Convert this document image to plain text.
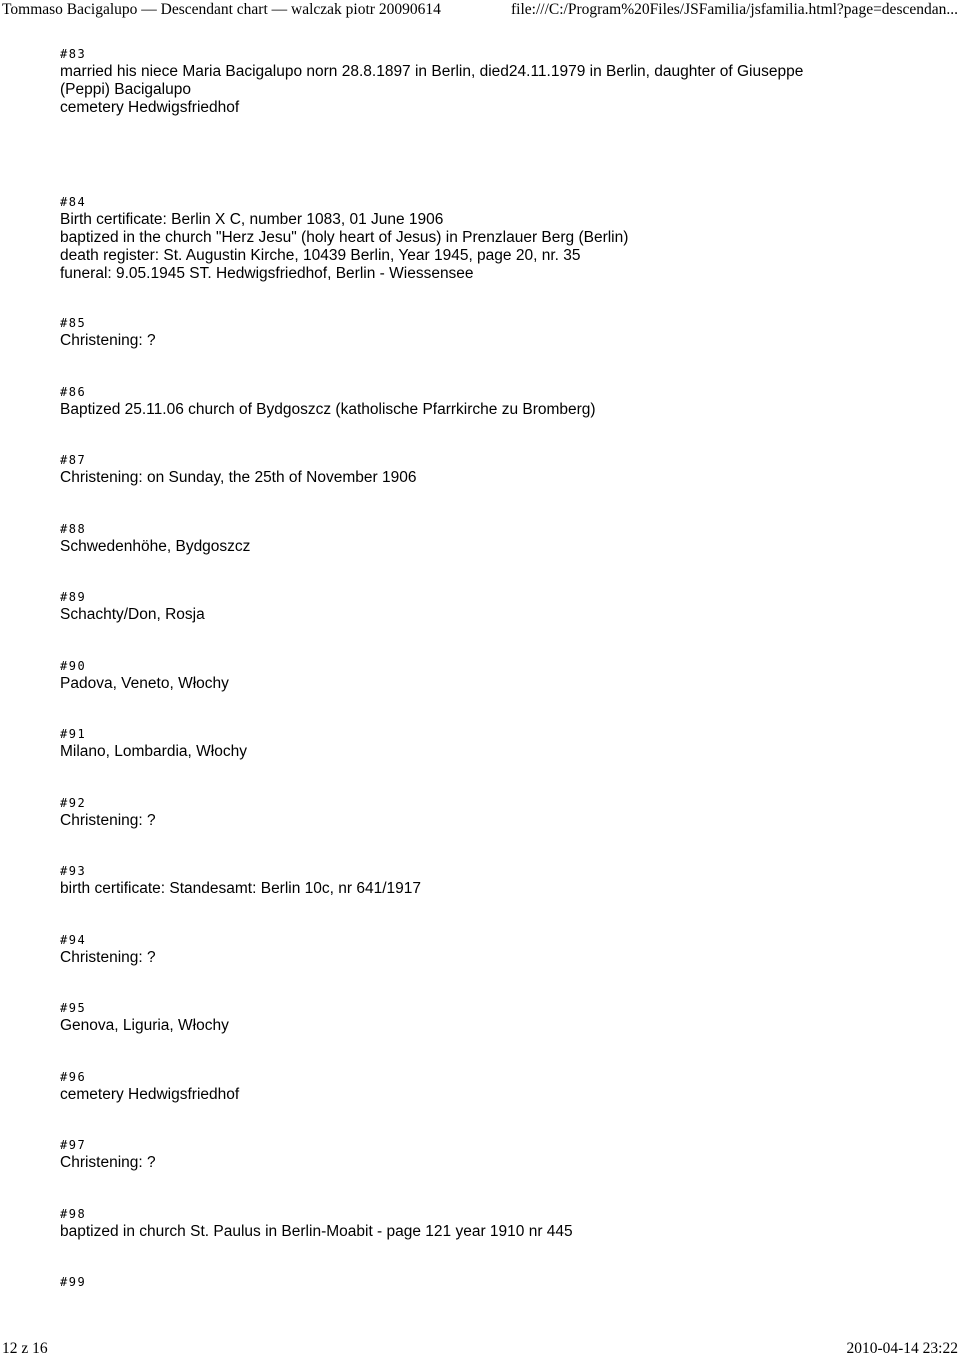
Tommaso Bacigalupo — Descendant chart — walczak piotr 20090614	file:///C:/Program%20Files/JSFamilia/jsfamilia.html?page=descendan...
#83
married his niece Maria Bacigalupo norn 28.8.1897 in Berlin, died24.11.1979 in Berlin, daughter of Giuseppe
(Peppi) Bacigalupo
cemetery Hedwigsfriedhof
#84
Birth certificate: Berlin X C, number 1083, 01 June 1906
baptized in the church "Herz Jesu" (holy heart of Jesus) in Prenzlauer Berg (Berlin)
death register: St. Augustin Kirche, 10439 Berlin, Year 1945, page 20, nr. 35
funeral: 9.05.1945 ST. Hedwigsfriedhof, Berlin - Wiessensee
#85
Christening: ?
#86
Baptized 25.11.06 church of Bydgoszcz (katholische Pfarrkirche zu Bromberg)
#87
Christening: on Sunday, the 25th of November 1906
#88
Schwedenhöhe, Bydgoszcz
#89
Schachty/Don, Rosja
#90
Padova, Veneto, Włochy
#91
Milano, Lombardia, Włochy
#92
Christening: ?
#93
birth certificate: Standesamt: Berlin 10c, nr 641/1917
#94
Christening: ?
#95
Genova, Liguria, Włochy
#96
cemetery Hedwigsfriedhof
#97
Christening: ?
#98
baptized in church St. Paulus in Berlin-Moabit - page 121 year 1910 nr 445
#99
12 z 16	2010-04-14 23:22
